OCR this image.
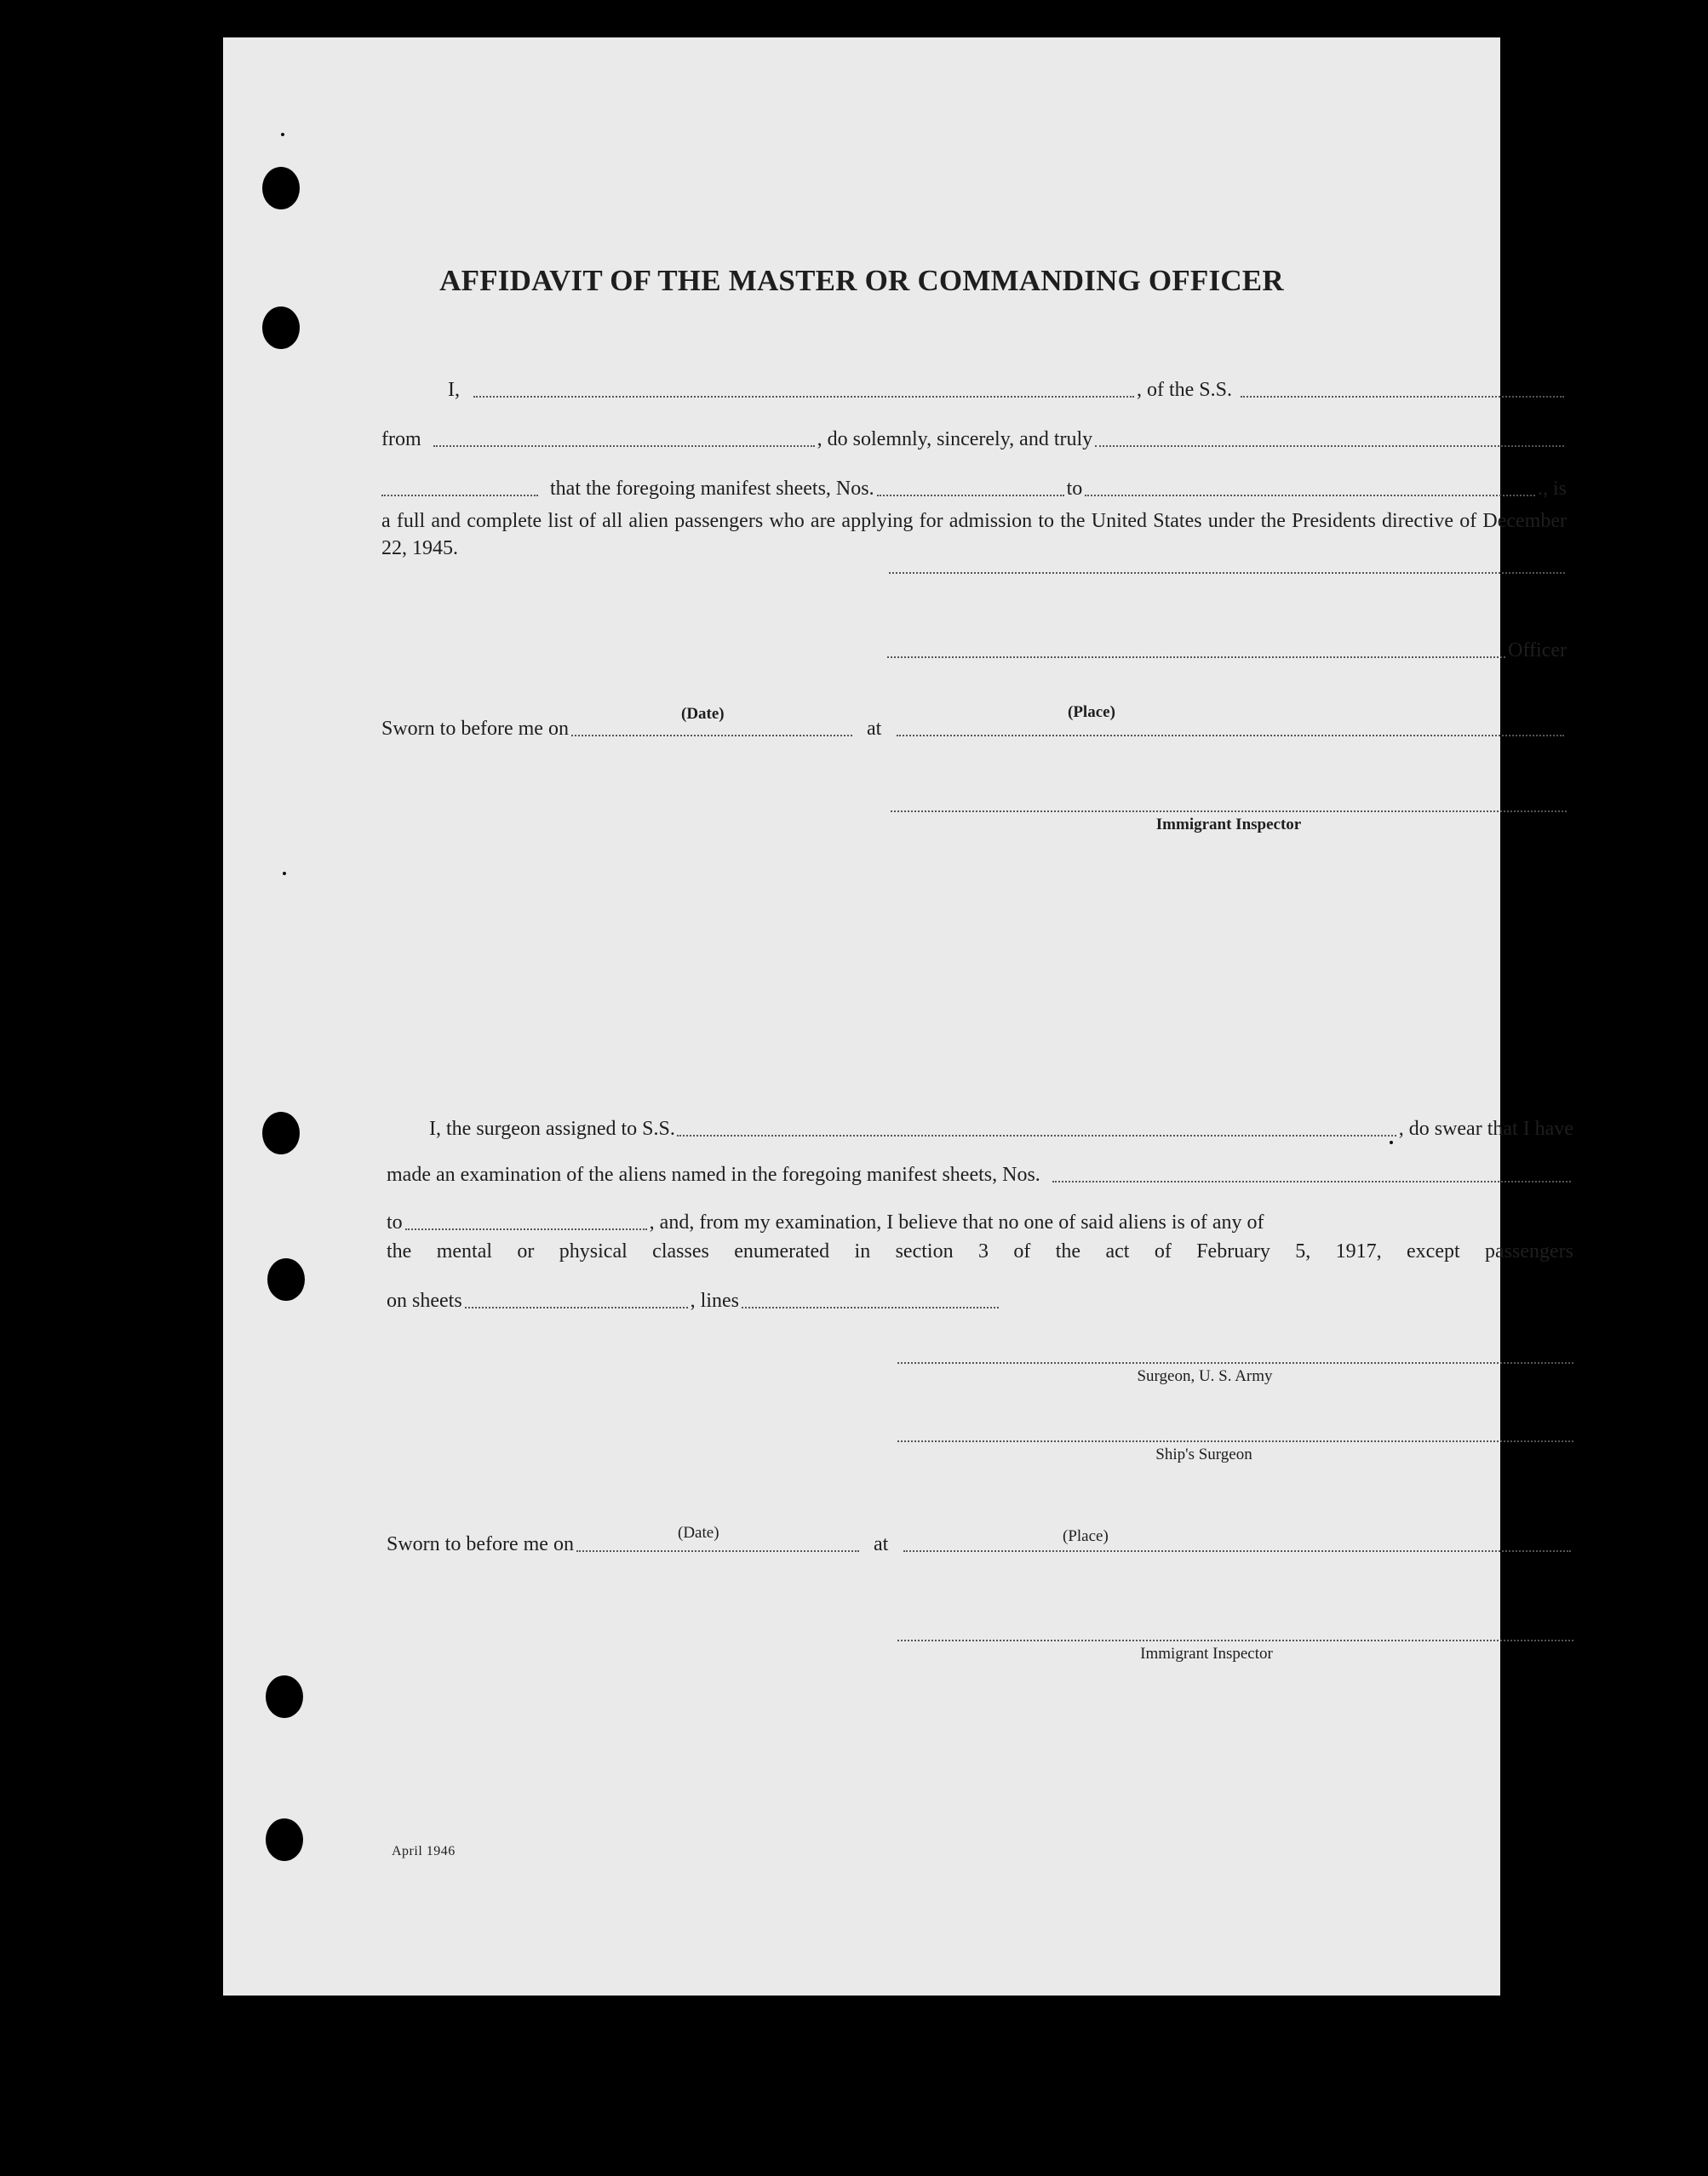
AFFIDAVIT OF THE MASTER OR COMMANDING OFFICER
I,	, of the S.S.
from	, do solemnly, sincerely, and truly
that the foregoing manifest sheets, Nos.	to	., is
a full and complete list of all alien passengers who are applying for admission to the United States under the Presidents directive of December 22, 1945.
Officer
Sworn to before me on	at
(Date)	(Place)
Immigrant Inspector
I, the surgeon assigned to S.S.	, do swear that I have
made an examination of the aliens named in the foregoing manifest sheets, Nos.
to	, and, from my examination, I believe that no one of said aliens is of any of
the mental or physical classes enumerated in section 3 of the act of February 5, 1917, except passengers
on sheets	, lines
Surgeon, U. S. Army
Ship's Surgeon
Sworn to before me on	at
(Date)	(Place)
Immigrant Inspector
April 1946
